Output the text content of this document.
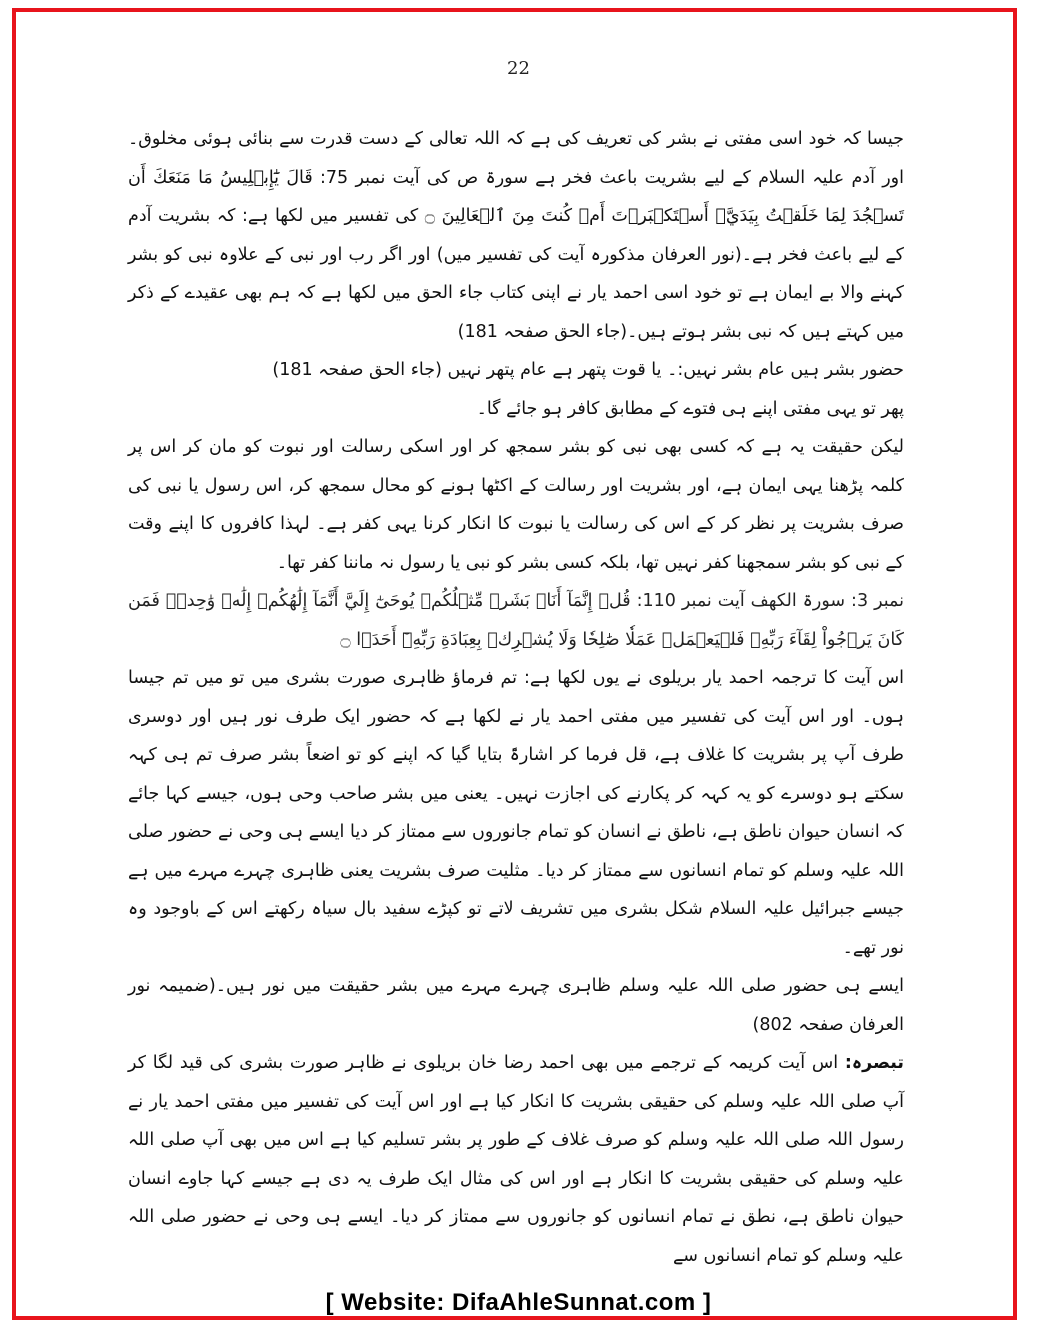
22

جیسا کہ خود اسی مفتی نے بشر کی تعریف کی ہے کہ اللہ تعالی کے دست قدرت سے بنائی ہوئی مخلوق۔ اور آدم علیہ السلام کے لیے بشریت باعث فخر ہے سورۃ ص کی آیت نمبر 75: قَالَ يَٰٓإِبۡلِيسُ مَا مَنَعَكَ أَن تَسۡجُدَ لِمَا خَلَقۡتُ بِيَدَيَّۖ أَسۡتَكۡبَرۡتَ أَمۡ كُنتَ مِنَ ٱلۡعَالِينَ ۝ کی تفسیر میں لکھا ہے: کہ بشریت آدم کے لیے باعث فخر ہے۔(نور العرفان مذکورہ آیت کی تفسیر میں) اور اگر رب اور نبی کے علاوہ نبی کو بشر کہنے والا بے ایمان ہے تو خود اسی احمد یار نے اپنی کتاب جاء الحق میں لکھا ہے کہ ہم بھی عقیدے کے ذکر میں کہتے ہیں کہ نبی بشر ہوتے ہیں۔(جاء الحق صفحہ 181)

حضور بشر ہیں عام بشر نہیں:۔ یا قوت پتھر ہے عام پتھر نہیں (جاء الحق صفحہ 181)

پھر تو یہی مفتی اپنے ہی فتوے کے مطابق کافر ہو جائے گا۔

لیکن حقیقت یہ ہے کہ کسی بھی نبی کو بشر سمجھ کر اور اسکی رسالت اور نبوت کو مان کر اس پر کلمہ پڑھنا یہی ایمان ہے، اور بشریت اور رسالت کے اکٹھا ہونے کو محال سمجھ کر، اس رسول یا نبی کی صرف بشریت پر نظر کر کے اس کی رسالت یا نبوت کا انکار کرنا یہی کفر ہے۔ لہذا کافروں کا اپنے وقت کے نبی کو بشر سمجھنا کفر نہیں تھا، بلکہ کسی بشر کو نبی یا رسول نہ ماننا کفر تھا۔

نمبر 3: سورۃ الکھف آیت نمبر 110: قُلۡ إِنَّمَآ أَنَا۠ بَشَرٞ مِّثۡلُكُمۡ يُوحَىٰٓ إِلَيَّ أَنَّمَآ إِلَٰهُكُمۡ إِلَٰهٞ وَٰحِدٞۖ فَمَن كَانَ يَرۡجُواْ لِقَآءَ رَبِّهِۦ فَلۡيَعۡمَلۡ عَمَلٗا صَٰلِحٗا وَلَا يُشۡرِكۡ بِعِبَادَةِ رَبِّهِۦٓ أَحَدَۢا ۝

اس آیت کا ترجمہ احمد یار بریلوی نے یوں لکھا ہے: تم فرماؤ ظاہری صورت بشری میں تو میں تم جیسا ہوں۔ اور اس آیت کی تفسیر میں مفتی احمد یار نے لکھا ہے کہ حضور ایک طرف نور ہیں اور دوسری طرف آپ پر بشریت کا غلاف ہے، قل فرما کر اشارۃً بتایا گیا کہ اپنے کو تو اضعاً بشر صرف تم ہی کہہ سکتے ہو دوسرے کو یہ کہہ کر پکارنے کی اجازت نہیں۔ یعنی میں بشر صاحب وحی ہوں، جیسے کہا جائے کہ انسان حیوان ناطق ہے، ناطق نے انسان کو تمام جانوروں سے ممتاز کر دیا ایسے ہی وحی نے حضور صلی اللہ علیہ وسلم کو تمام انسانوں سے ممتاز کر دیا۔ مثلیت صرف بشریت یعنی ظاہری چہرے مہرے میں ہے جیسے جبرائیل علیہ السلام شکل بشری میں تشریف لاتے تو کپڑے سفید بال سیاہ رکھتے اس کے باوجود وہ نور تھے۔

ایسے ہی حضور صلی اللہ علیہ وسلم ظاہری چہرے مہرے میں بشر حقیقت میں نور ہیں۔(ضمیمہ نور العرفان صفحہ 802)

تبصرہ: اس آیت کریمہ کے ترجمے میں بھی احمد رضا خان بریلوی نے ظاہر صورت بشری کی قید لگا کر آپ صلی اللہ علیہ وسلم کی حقیقی بشریت کا انکار کیا ہے اور اس آیت کی تفسیر میں مفتی احمد یار نے رسول اللہ صلی اللہ علیہ وسلم کو صرف غلاف کے طور پر بشر تسلیم کیا ہے اس میں بھی آپ صلی اللہ علیہ وسلم کی حقیقی بشریت کا انکار ہے اور اس کی مثال ایک طرف یہ دی ہے جیسے کہا جاوے انسان حیوان ناطق ہے، نطق نے تمام انسانوں کو جانوروں سے ممتاز کر دیا۔ ایسے ہی وحی نے حضور صلی اللہ علیہ وسلم کو تمام انسانوں سے

[ Website: DifaAhleSunnat.com ]
